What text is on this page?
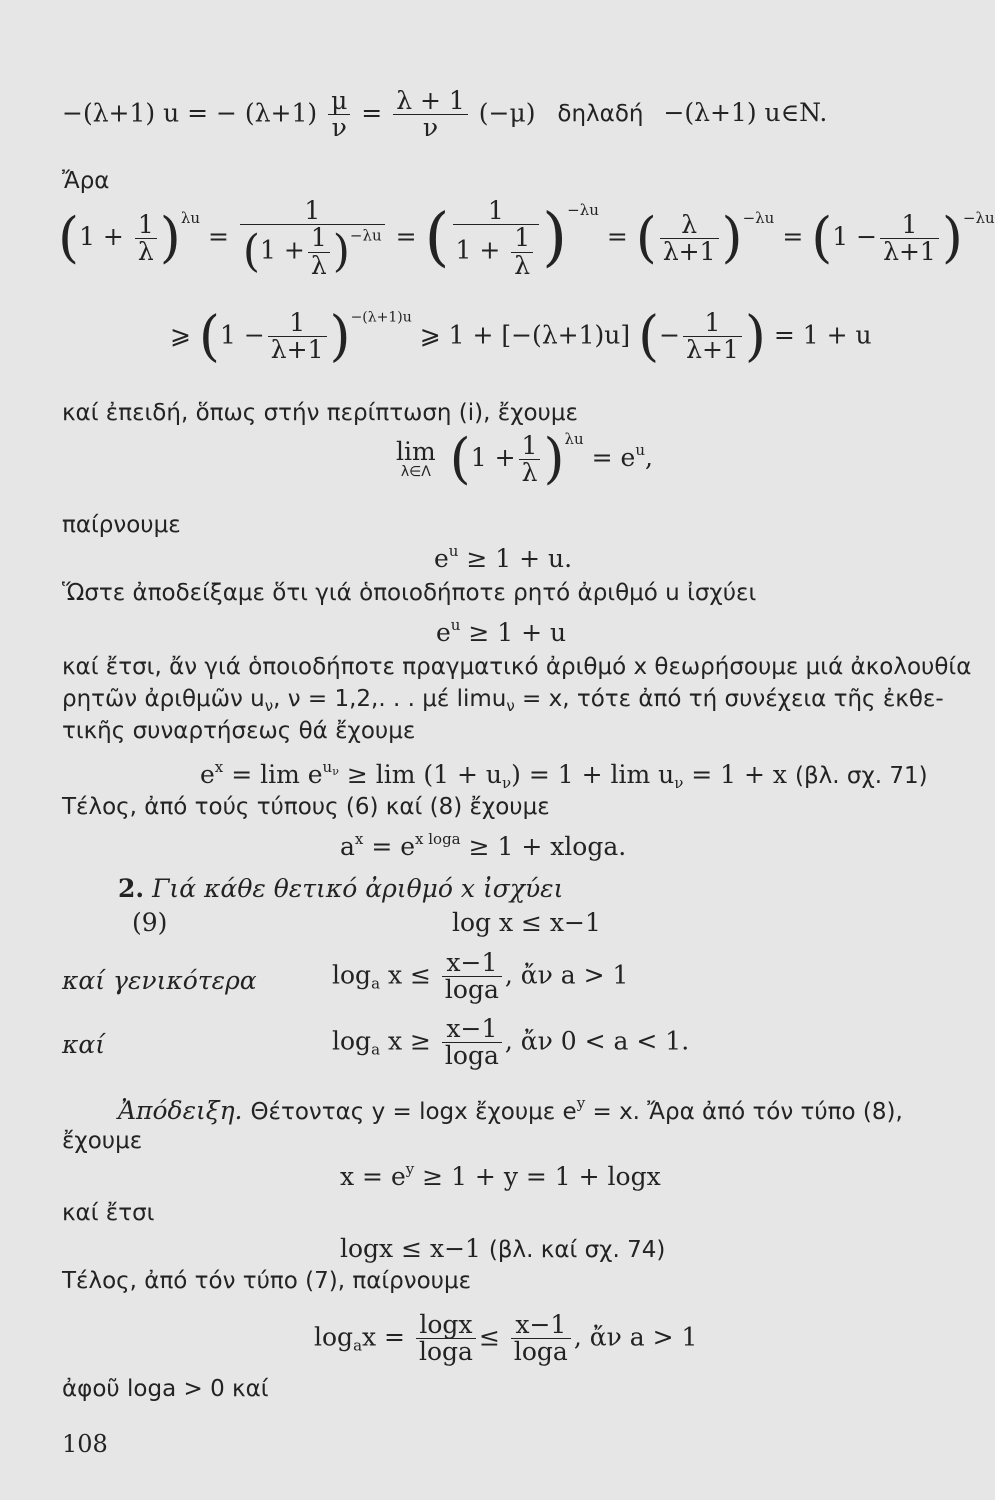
−(λ+1) u = − $(\lambda+1) \frac{\mu}{\nu} = \frac{\lambda + 1}{\nu} (-\mu)$ δηλαδή −(λ+1) u∈N.
Ἄρα
$(1 + \frac{1}{\lambda} )^{\lambda u} = \frac{1}{(1 + \frac{1}{\lambda} )^{-\lambda u}}$ = ( $\frac{1}{1 + \frac{1}{\lambda}} )^{-\lambda u}$ = ( $\frac{\lambda}{\lambda+1} )^{-\lambda u} = (1 - \frac{1}{\lambda+1} )^{-\lambda u}$
⩾ $(1 - \frac{1}{\lambda+1} )^{-(\lambda+1)u}$ ⩾ 1 + [−(λ+1)u] (− $\frac{1}{\lambda+1}$ ) = 1 + u
καί ἐπειδή, ὅπως στήν περίπτωση (i), ἔχουμε
lim
λ∈Λ $(1 + \frac{1}{\lambda} )^{\lambda u} = e^u$,
παίρνουμε
$e^u \ge 1 + u$.
Ὥστε ἀποδείξαμε ὅτι γιά ὁποιοδήποτε ρητό ἀριθμό u ἰσχύει
$e^u \ge 1 + u$
καί ἔτσι, ἄν γιά ὁποιοδήποτε πραγματικό ἀριθμό x θεωρήσουμε μιά ἀκολουθία
ρητῶν ἀριθμῶν $u_\nu$, ν = 1,2,. . . μέ limu$_\nu$ = x, τότε ἀπό τή συνέχεια τῆς ἐκθε-
τικῆς συναρτήσεως θά ἔχουμε
$e^x = \lim e^{u\nu} \ge \lim (1 + u_\nu) = 1 + \lim u_\nu = 1 + x$ (βλ. σχ. 71)
Τέλος, ἀπό τούς τύπους (6) καί (8) ἔχουμε
$a^x = e^{x loga} \ge 1 + xloga$.
2. Γιά κάθε θετικό ἀριθμό x ἰσχύει
(9)	log x ≤ x−1
καί γενικότερα	$\log_a x \le \frac{x-1}{\log a}$ , ἄν a > 1
καί	$\log_a x \ge \frac{x-1}{\log a}$ , ἄν 0 < a < 1.
Ἀπόδειξη. Θέτοντας y = logx ἔχουμε $e^y = x$. Ἄρα ἀπό τόν τύπο (8),
ἔχουμε
$x = e^y \ge 1 + y = 1 + \log x$
καί ἔτσι
logx ≤ x−1 (βλ. καί σχ. 74)
Τέλος, ἀπό τόν τύπο (7), παίρνουμε
$\log_ax = \frac{\log x}{\log a} \le \frac{x-1}{\log a}$ , ἄν a > 1
ἀφοῦ loga > 0 καί
108
